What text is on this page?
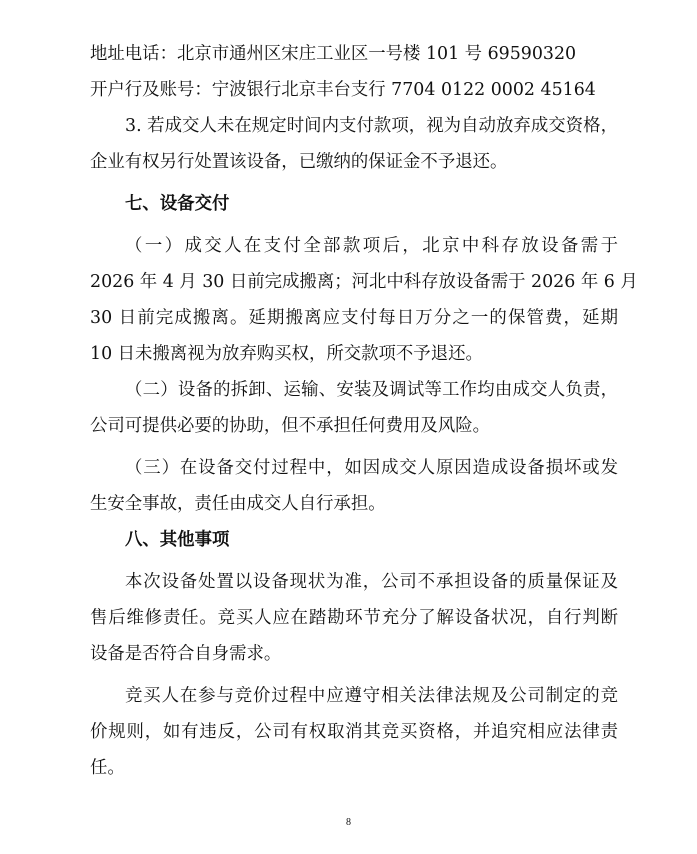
地址电话：北京市通州区宋庄工业区一号楼 101 号 69590320
开户行及账号：宁波银行北京丰台支行 7704 0122 0002 45164
3. 若成交人未在规定时间内支付款项，视为自动放弃成交资格，
企业有权另行处置该设备，已缴纳的保证金不予退还。
七、设备交付
（一）成交人在支付全部款项后，北京中科存放设备需于
2026 年 4 月 30 日前完成搬离；河北中科存放设备需于 2026 年 6 月
30 日前完成搬离。延期搬离应支付每日万分之一的保管费，延期
10 日未搬离视为放弃购买权，所交款项不予退还。
（二）设备的拆卸、运输、安装及调试等工作均由成交人负责，
公司可提供必要的协助，但不承担任何费用及风险。
（三）在设备交付过程中，如因成交人原因造成设备损坏或发
生安全事故，责任由成交人自行承担。
八、其他事项
本次设备处置以设备现状为准，公司不承担设备的质量保证及
售后维修责任。竞买人应在踏勘环节充分了解设备状况，自行判断
设备是否符合自身需求。
竞买人在参与竞价过程中应遵守相关法律法规及公司制定的竞
价规则，如有违反，公司有权取消其竞买资格，并追究相应法律责
任。
8
